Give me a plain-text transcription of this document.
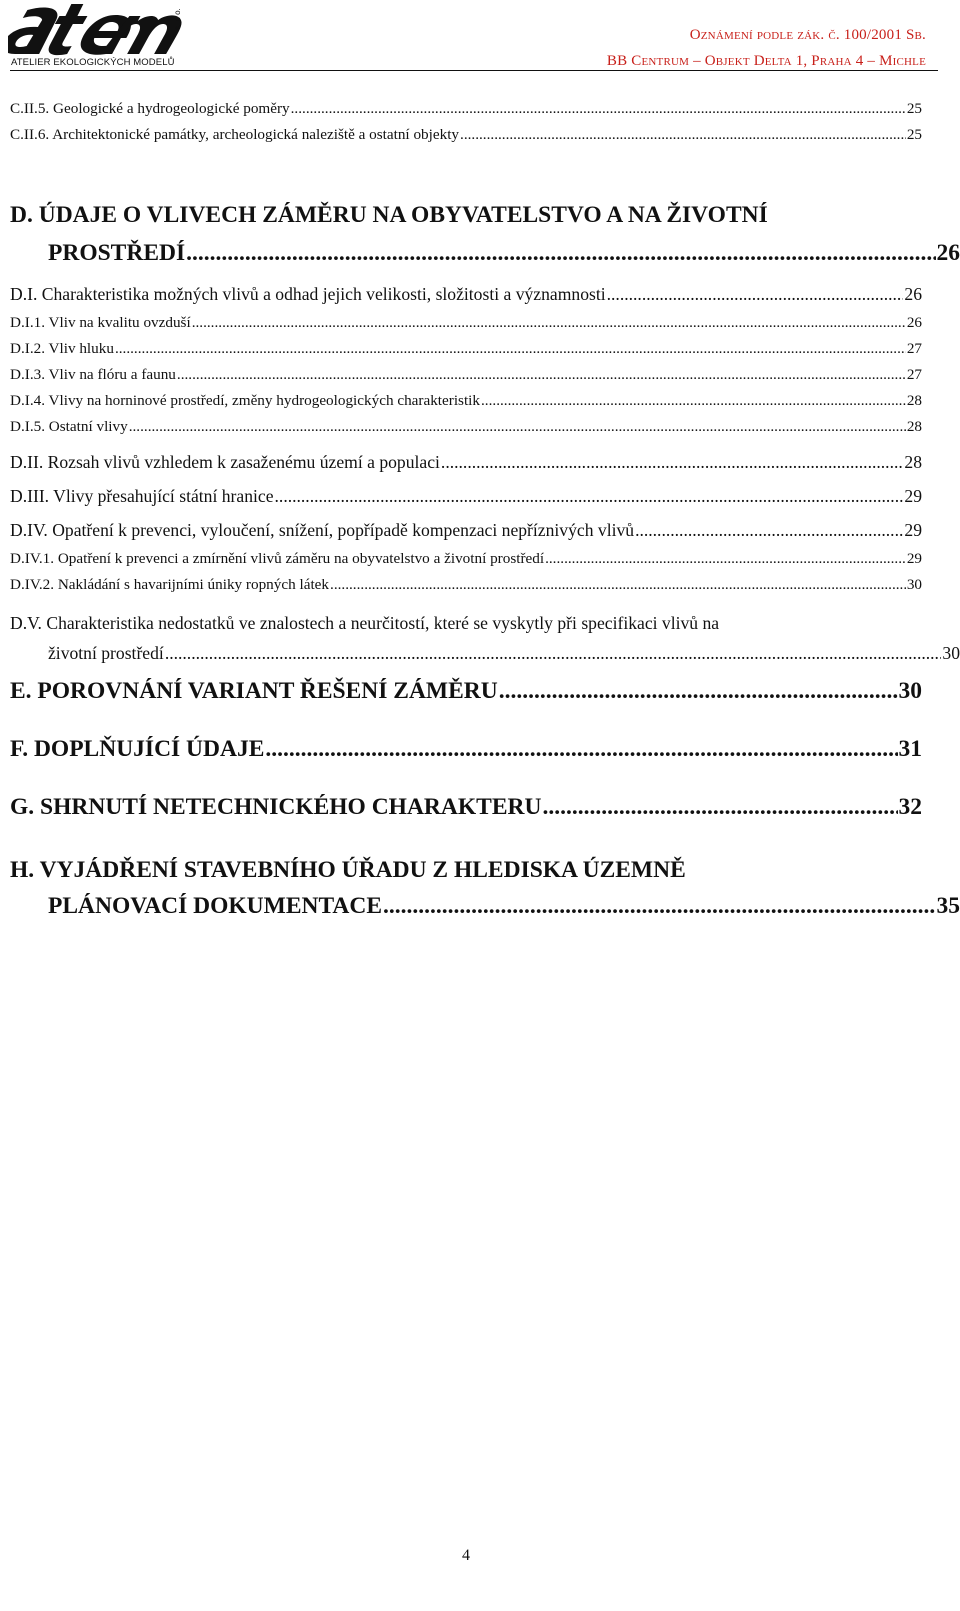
ATELIER EKOLOGICKÝCH MODELŮ
s. r. o.
Oznámení podle zák. č. 100/2001 Sb.
BB Centrum – Objekt Delta 1, Praha 4 – Michle
C.II.5. Geologické a hydrogeologické poměry .....	25
C.II.6. Architektonické památky, archeologická naleziště a ostatní objekty .....	25
D. ÚDAJE O VLIVECH ZÁMĚRU NA OBYVATELSTVO A NA ŽIVOTNÍ
PROSTŘEDÍ .....	26
D.I. Charakteristika možných vlivů a odhad jejich velikosti, složitosti a významnosti .....	26
D.I.1. Vliv na kvalitu ovzduší .....	26
D.I.2. Vliv hluku .....	27
D.I.3. Vliv na flóru a faunu .....	27
D.I.4. Vlivy na horninové prostředí, změny hydrogeologických charakteristik .....	28
D.I.5. Ostatní vlivy .....	28
D.II. Rozsah vlivů vzhledem k zasaženému území a populaci .....	28
D.III. Vlivy přesahující státní hranice .....	29
D.IV. Opatření k prevenci, vyloučení, snížení, popřípadě kompenzaci nepříznivých vlivů .....	29
D.IV.1. Opatření k prevenci a zmírnění vlivů záměru na obyvatelstvo a životní prostředí .....	29
D.IV.2. Nakládání s havarijními úniky ropných látek .....	30
D.V. Charakteristika nedostatků ve znalostech a neurčitostí, které se vyskytly při specifikaci vlivů na
životní prostředí .....	30
E. POROVNÁNÍ VARIANT ŘEŠENÍ ZÁMĚRU .....	30
F. DOPLŇUJÍCÍ ÚDAJE .....	31
G. SHRNUTÍ NETECHNICKÉHO CHARAKTERU .....	32
H. VYJÁDŘENÍ STAVEBNÍHO ÚŘADU Z HLEDISKA ÚZEMNĚ
PLÁNOVACÍ DOKUMENTACE .....	35
4
